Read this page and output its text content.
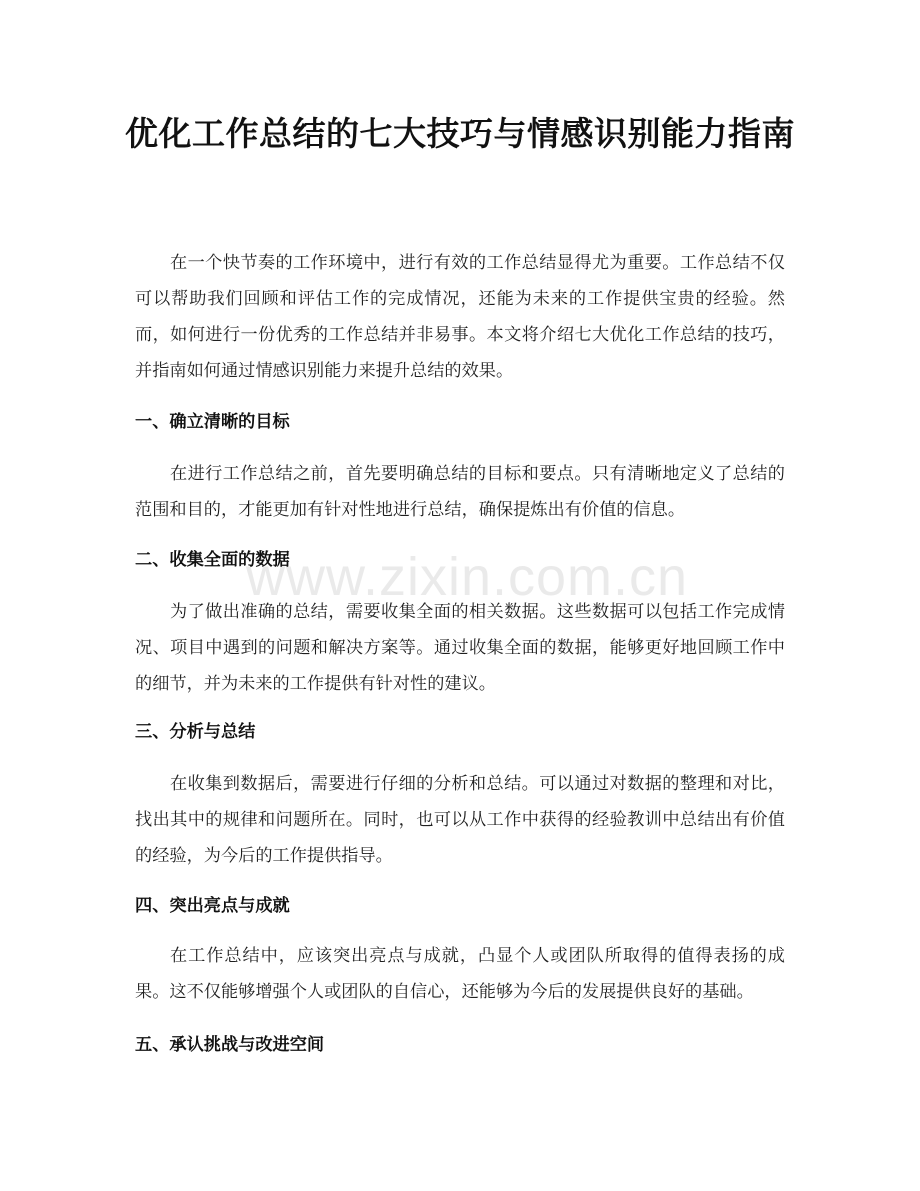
优化工作总结的七大技巧与情感识别能力指南
在一个快节奏的工作环境中，进行有效的工作总结显得尤为重要。工作总结不仅可以帮助我们回顾和评估工作的完成情况，还能为未来的工作提供宝贵的经验。然而，如何进行一份优秀的工作总结并非易事。本文将介绍七大优化工作总结的技巧，并指南如何通过情感识别能力来提升总结的效果。
一、确立清晰的目标
在进行工作总结之前，首先要明确总结的目标和要点。只有清晰地定义了总结的范围和目的，才能更加有针对性地进行总结，确保提炼出有价值的信息。
二、收集全面的数据
为了做出准确的总结，需要收集全面的相关数据。这些数据可以包括工作完成情况、项目中遇到的问题和解决方案等。通过收集全面的数据，能够更好地回顾工作中的细节，并为未来的工作提供有针对性的建议。
三、分析与总结
在收集到数据后，需要进行仔细的分析和总结。可以通过对数据的整理和对比，找出其中的规律和问题所在。同时，也可以从工作中获得的经验教训中总结出有价值的经验，为今后的工作提供指导。
四、突出亮点与成就
在工作总结中，应该突出亮点与成就，凸显个人或团队所取得的值得表扬的成果。这不仅能够增强个人或团队的自信心，还能够为今后的发展提供良好的基础。
五、承认挑战与改进空间
www.zixin.com.cn
